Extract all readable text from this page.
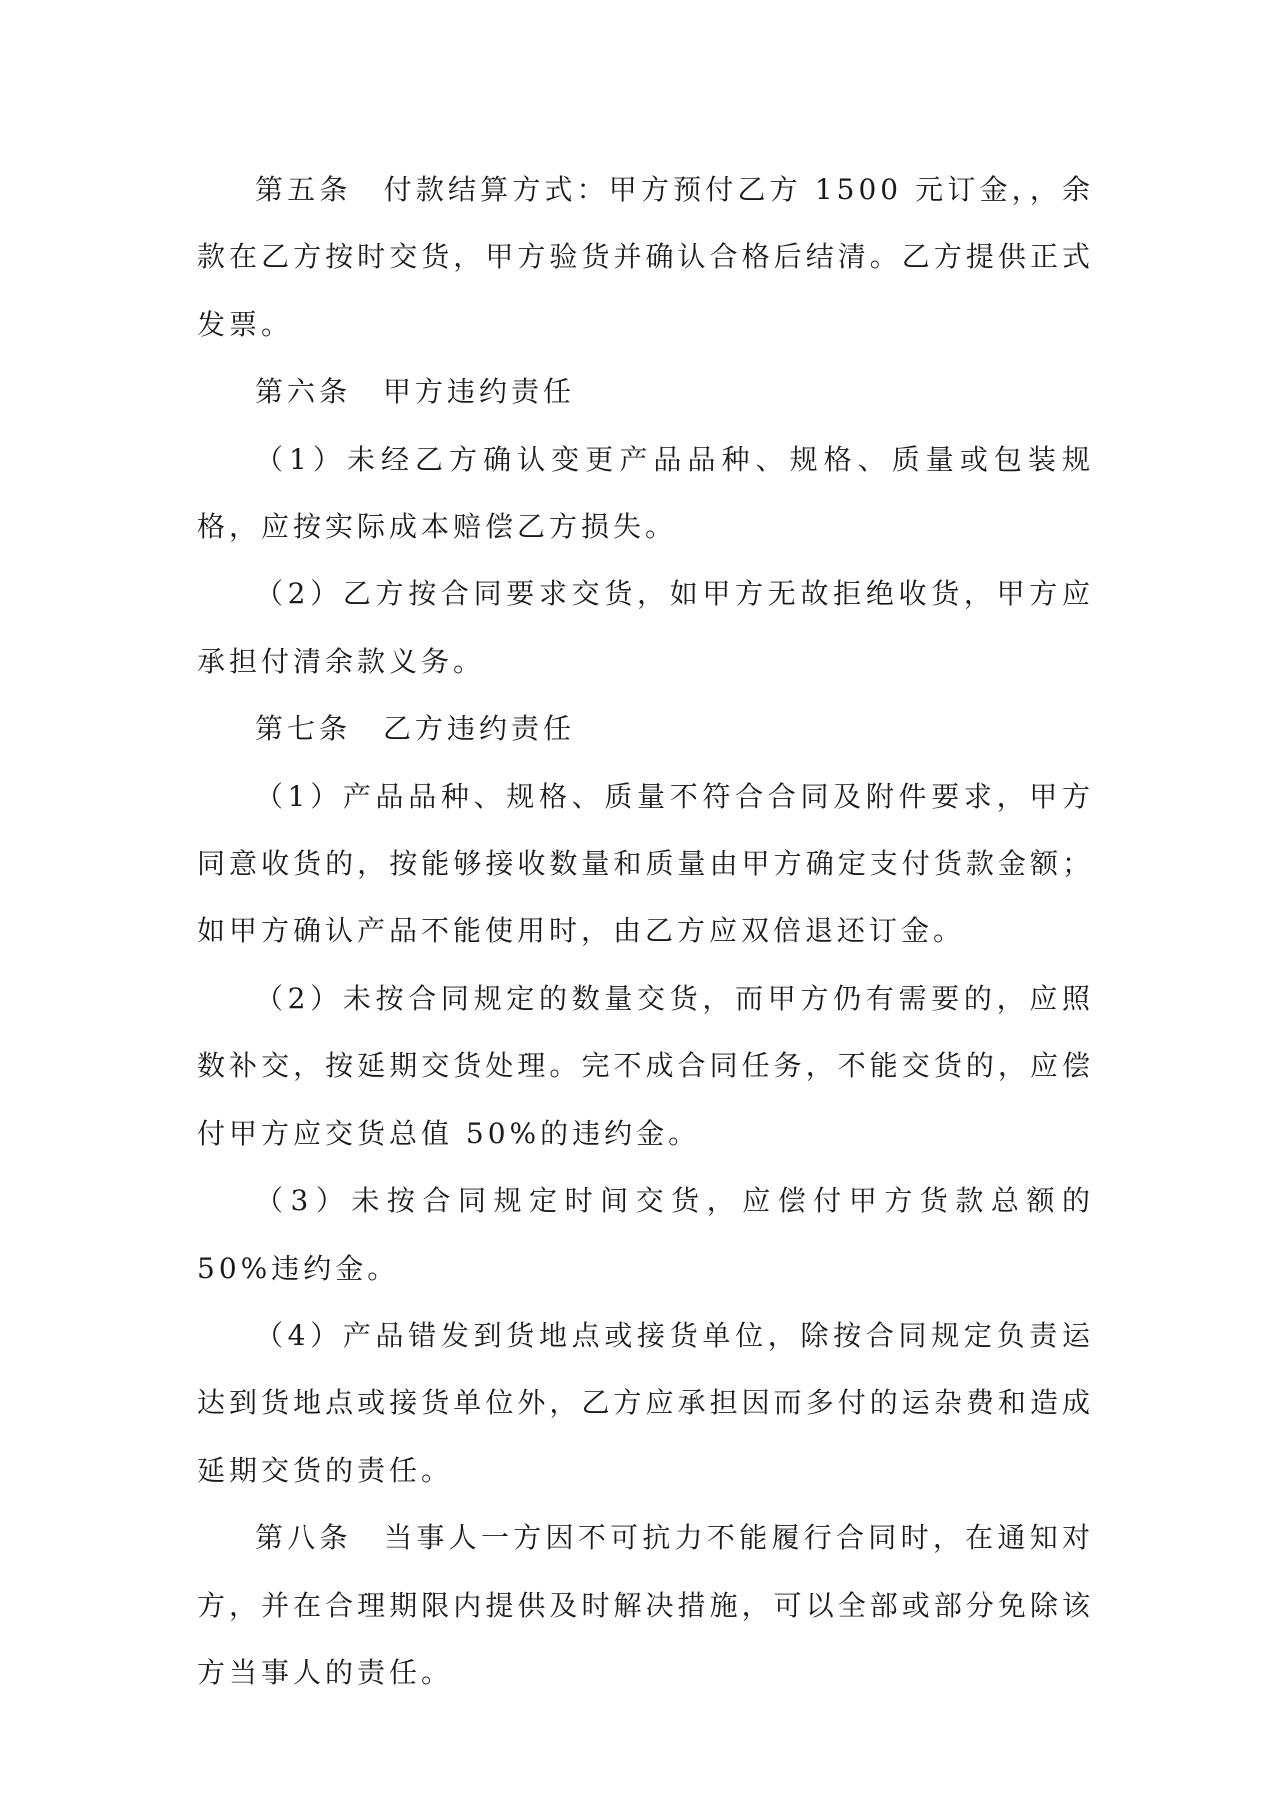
第五条　付款结算方式：甲方预付乙方 1500 元订金，，余款在乙方按时交货，甲方验货并确认合格后结清。乙方提供正式发票。

第六条　甲方违约责任

（1）未经乙方确认变更产品品种、规格、质量或包装规格，应按实际成本赔偿乙方损失。

（2）乙方按合同要求交货，如甲方无故拒绝收货，甲方应承担付清余款义务。

第七条　乙方违约责任

（1）产品品种、规格、质量不符合合同及附件要求，甲方同意收货的，按能够接收数量和质量由甲方确定支付货款金额；如甲方确认产品不能使用时，由乙方应双倍退还订金。

（2）未按合同规定的数量交货，而甲方仍有需要的，应照数补交，按延期交货处理。完不成合同任务，不能交货的，应偿付甲方应交货总值 50%的违约金。

（3）未按合同规定时间交货，应偿付甲方货款总额的 50%违约金。

（4）产品错发到货地点或接货单位，除按合同规定负责运达到货地点或接货单位外，乙方应承担因而多付的运杂费和造成延期交货的责任。

第八条　当事人一方因不可抗力不能履行合同时，在通知对方，并在合理期限内提供及时解决措施，可以全部或部分免除该方当事人的责任。
